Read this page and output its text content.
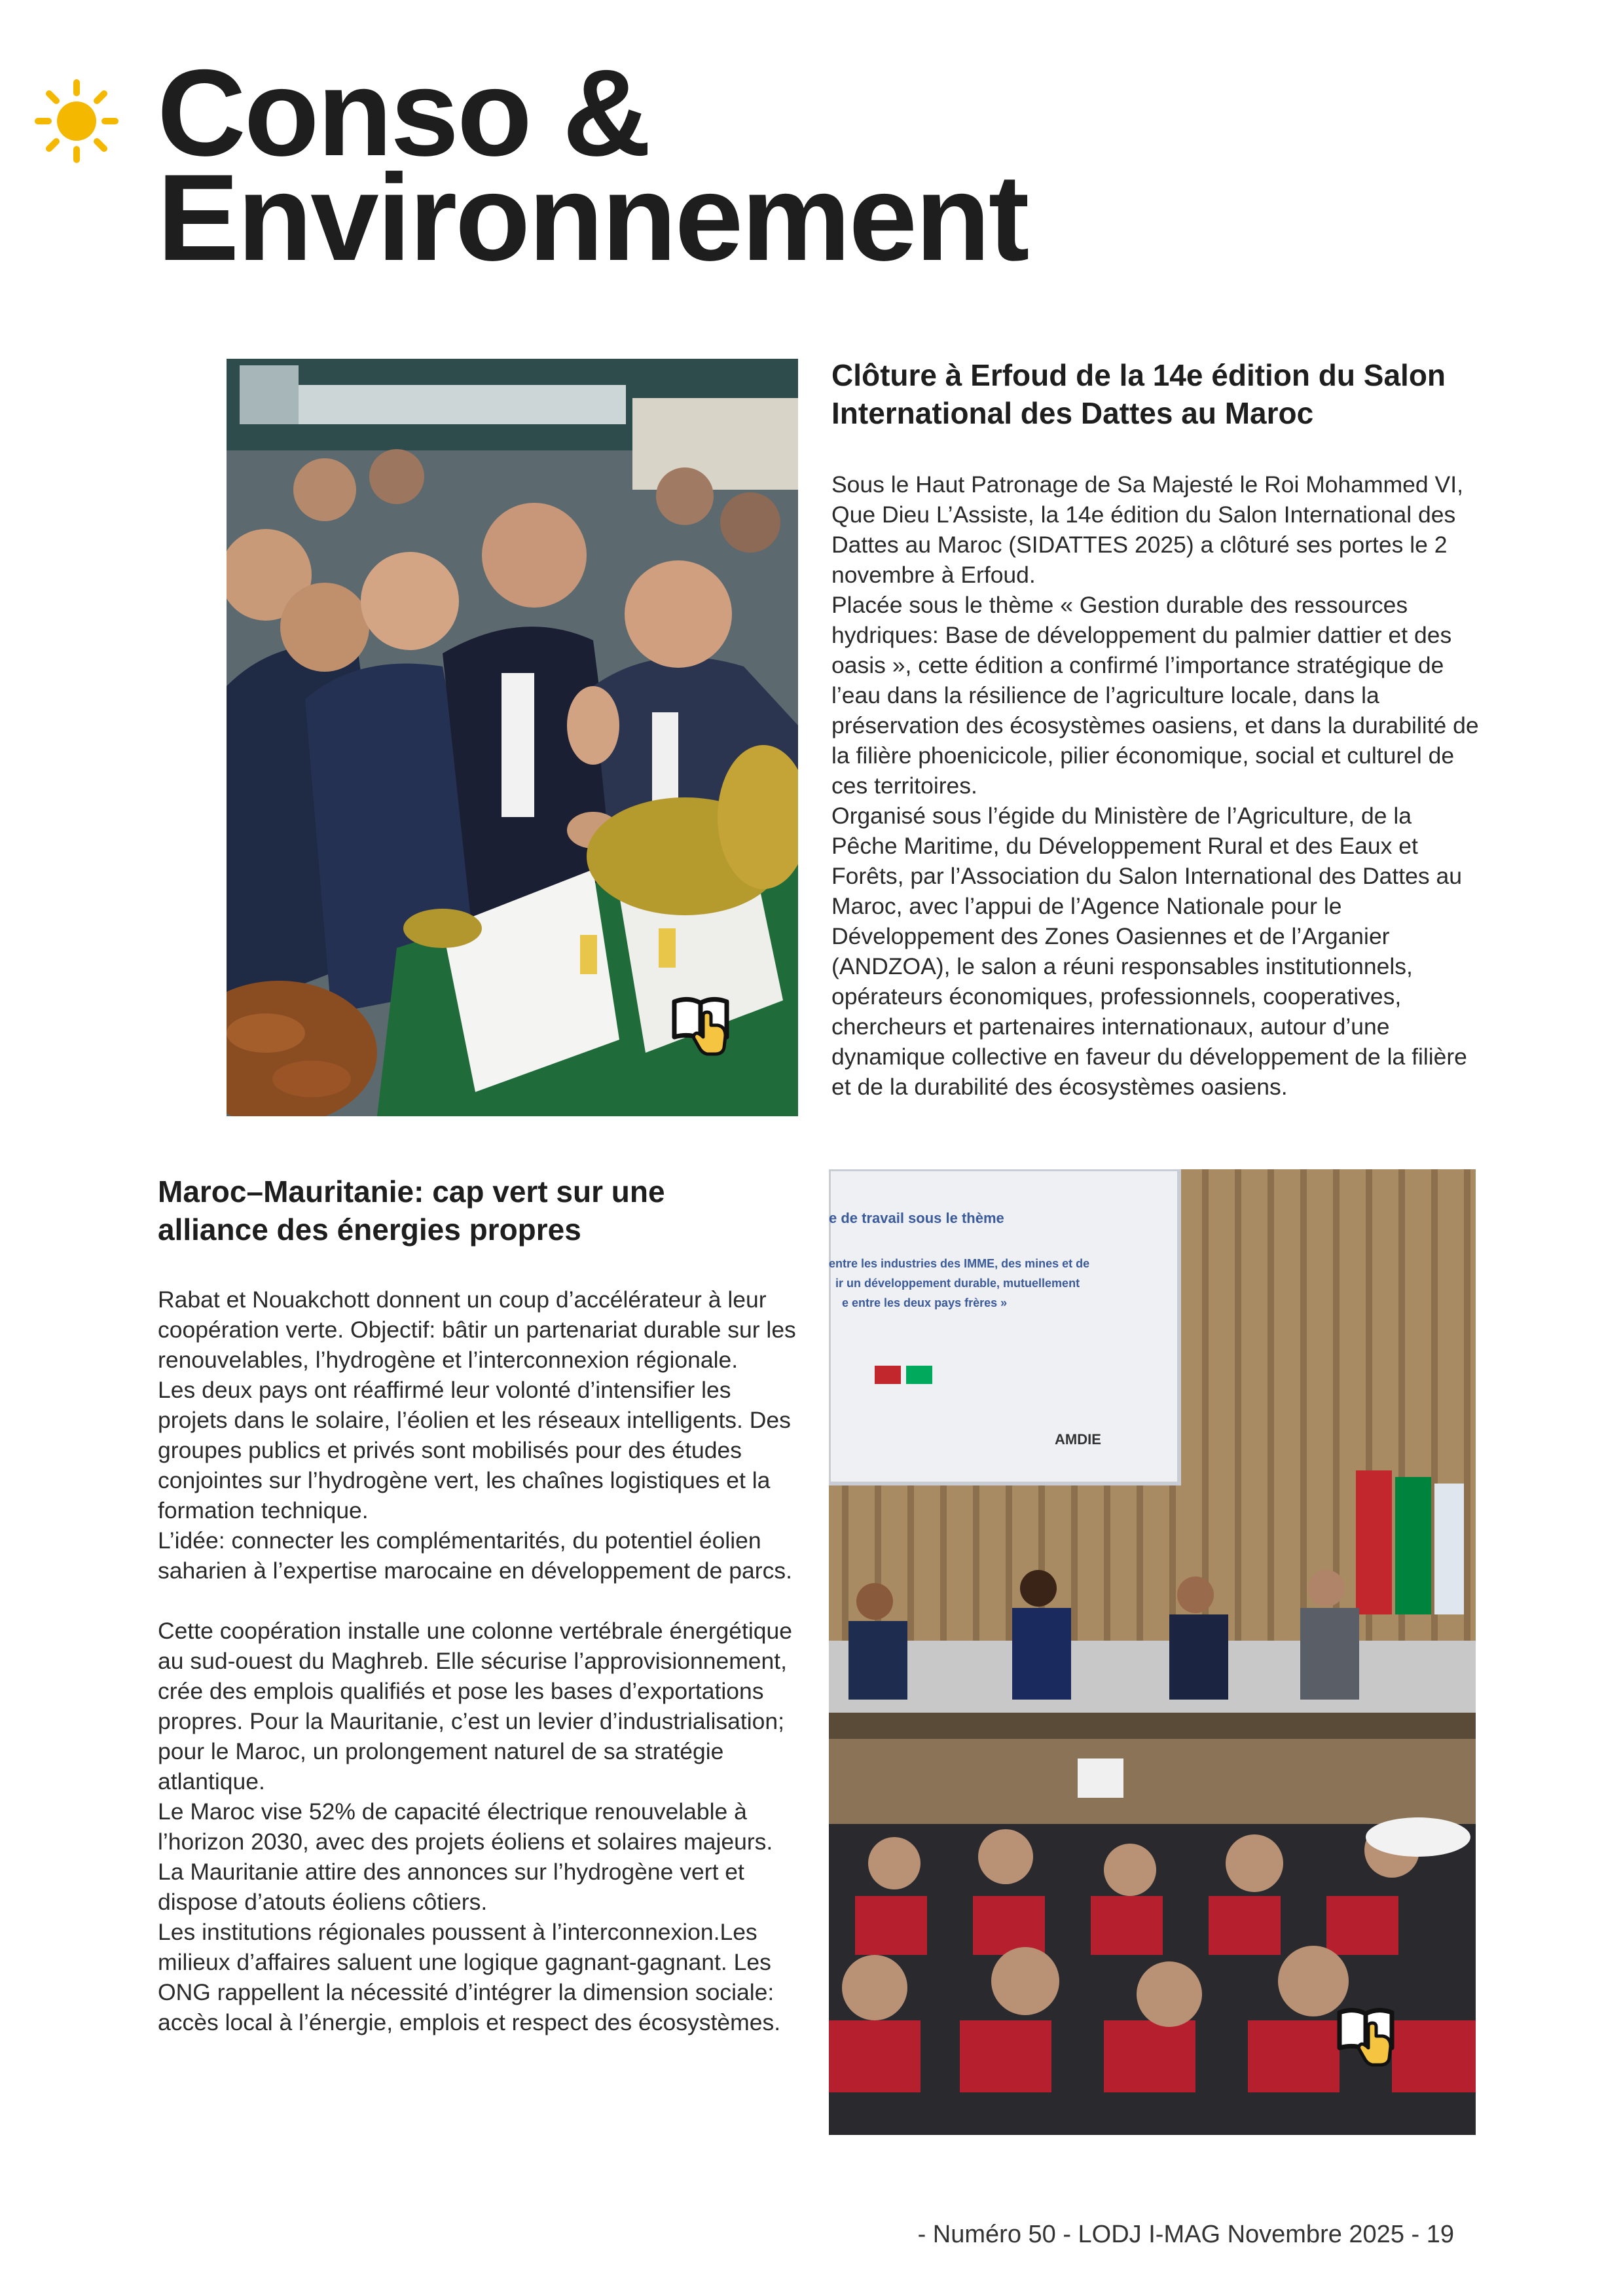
Conso &
Environnement
Clôture à Erfoud de la 14e édition du Salon International des Dattes au Maroc

Sous le Haut Patronage de Sa Majesté le Roi Mohammed VI, Que Dieu L’Assiste, la 14e édition du Salon International des Dattes au Maroc (SIDATTES 2025) a clôturé ses portes le 2 novembre à Erfoud.

Placée sous le thème « Gestion durable des ressources hydriques: Base de développement du palmier dattier et des oasis », cette édition a confirmé l’importance stratégique de l’eau dans la résilience de l’agriculture locale, dans la préservation des écosystèmes oasiens, et dans la durabilité de la filière phoenicicole, pilier économique, social et culturel de ces territoires.

Organisé sous l’égide du Ministère de l’Agriculture, de la Pêche Maritime, du Développement Rural et des Eaux et Forêts, par l’Association du Salon International des Dattes au Maroc, avec l’appui de l’Agence Nationale pour le Développement des Zones Oasiennes et de l’Arganier (ANDZOA), le salon a réuni responsables institutionnels, opérateurs économiques, professionnels, cooperatives, chercheurs et partenaires internationaux, autour d’une dynamique collective en faveur du développement de la filière et de la durabilité des écosystèmes oasiens.

Maroc–Mauritanie: cap vert sur une alliance des énergies propres

Rabat et Nouakchott donnent un coup d’accélérateur à leur coopération verte. Objectif: bâtir un partenariat durable sur les renouvelables, l’hydrogène et l’interconnexion régionale.

Les deux pays ont réaffirmé leur volonté d’intensifier les projets dans le solaire, l’éolien et les réseaux intelligents. Des groupes publics et privés sont mobilisés pour des études conjointes sur l’hydrogène vert, les chaînes logistiques et la formation technique.

L’idée: connecter les complémentarités, du potentiel éolien saharien à l’expertise marocaine en développement de parcs.

Cette coopération installe une colonne vertébrale énergétique au sud-ouest du Maghreb. Elle sécurise l’approvisionnement, crée des emplois qualifiés et pose les bases d’exportations propres. Pour la Mauritanie, c’est un levier d’industrialisation; pour le Maroc, un prolongement naturel de sa stratégie atlantique.

Le Maroc vise 52% de capacité électrique renouvelable à l’horizon 2030, avec des projets éoliens et solaires majeurs. La Mauritanie attire des annonces sur l’hydrogène vert et dispose d’atouts éoliens côtiers.

Les institutions régionales poussent à l’interconnexion.Les milieux d’affaires saluent une logique gagnant-gagnant. Les ONG rappellent la nécessité d’intégrer la dimension sociale: accès local à l’énergie, emplois et respect des écosystèmes.

e de travail sous le thème
entre les industries des IMME, des mines et de
ir un développement durable, mutuellement
e entre les deux pays frères »
AMDIE
- Numéro 50 - LODJ I-MAG Novembre 2025 - 19
